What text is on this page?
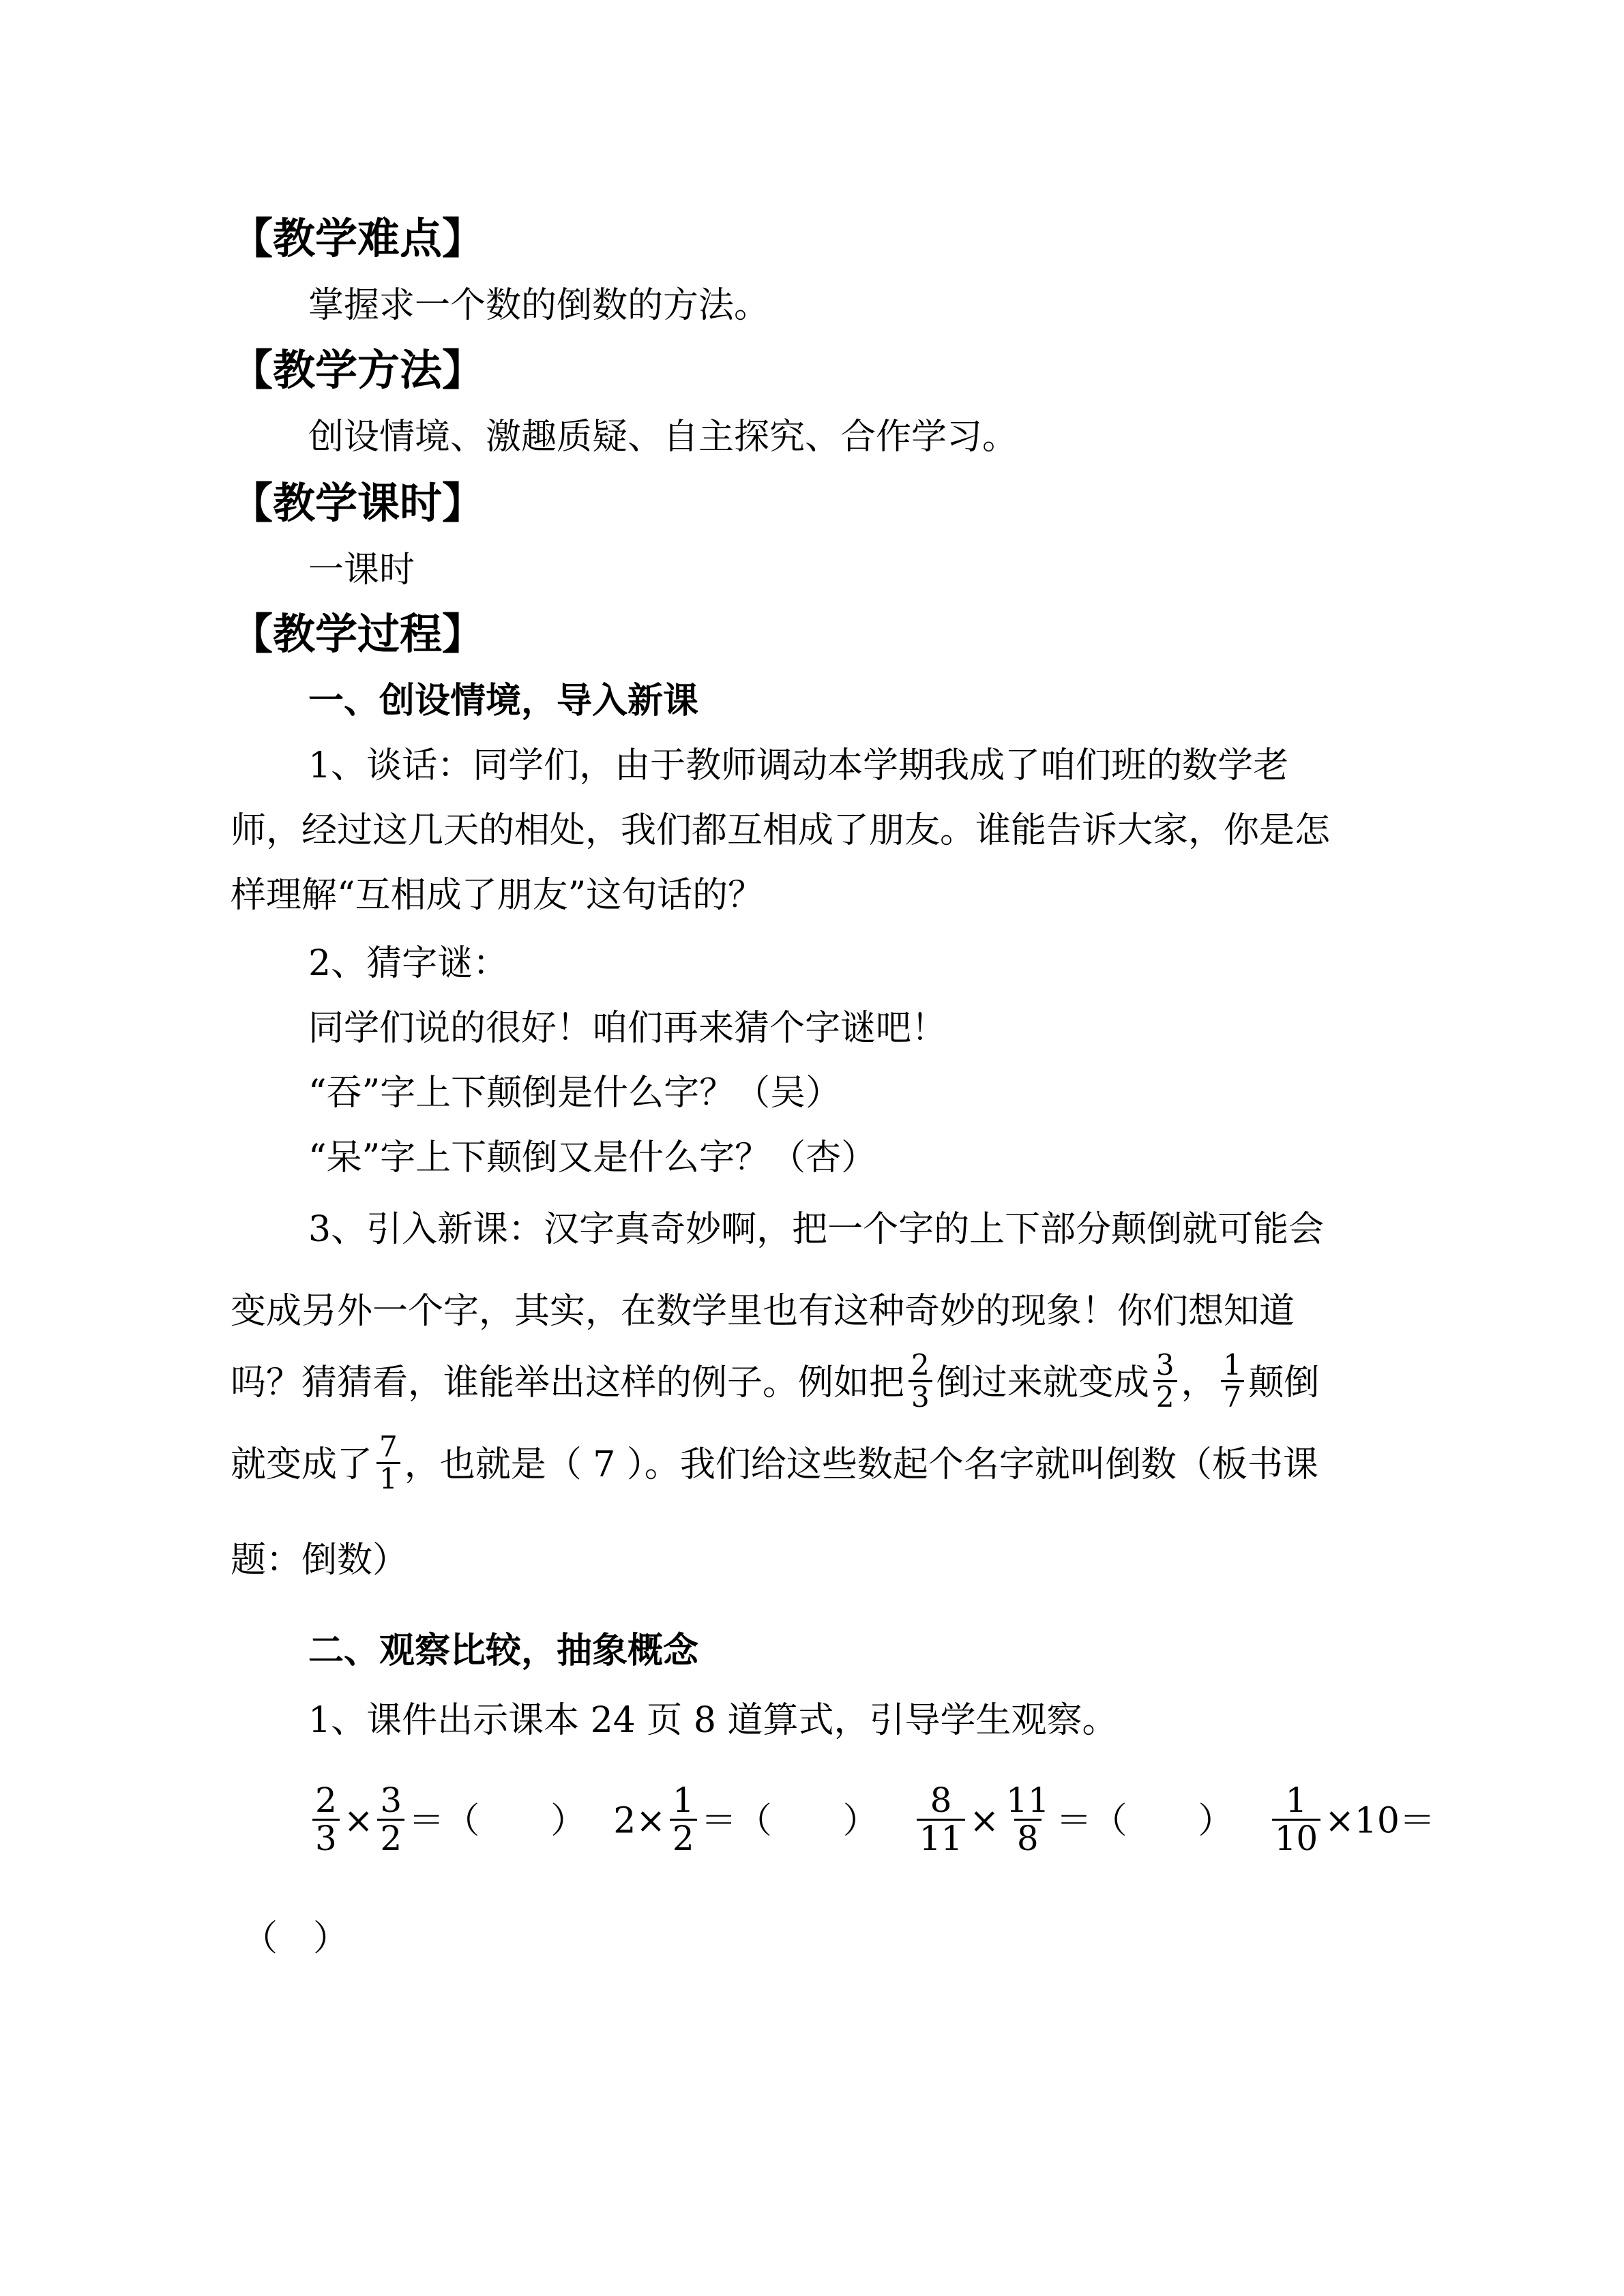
【教学难点】
掌握求一个数的倒数的方法。
【教学方法】
创设情境、激趣质疑、自主探究、合作学习。
【教学课时】
一课时
【教学过程】
一、创设情境，导入新课
1、谈话：同学们，由于教师调动本学期我成了咱们班的数学老
师，经过这几天的相处，我们都互相成了朋友。谁能告诉大家，你是怎
样理解“互相成了朋友”这句话的？
2、猜字谜：
同学们说的很好！咱们再来猜个字谜吧！
“吞”字上下颠倒是什么字？（吴）
“呆”字上下颠倒又是什么字？（杏）
3、引入新课：汉字真奇妙啊，把一个字的上下部分颠倒就可能会
变成另外一个字，其实，在数学里也有这种奇妙的现象！你们想知道
吗？猜猜看，谁能举出这样的例子。例如把 $\frac{2}{3}$ 倒过来就变成 $\frac{3}{2}$ ， $\frac{1}{7}$ 颠倒
就变成了 $\frac{7}{1}$ ，也就是（ 7 ）。我们给这些数起个名字就叫倒数（板书课
题：倒数）
二、观察比较，抽象概念
1、课件出示课本 24 页 8 道算式，引导学生观察。
$\frac{2}{3} \times \frac{3}{2}$ ＝（　　） $2\times \frac{1}{2}$ ＝（　　） $\frac{8}{11} \times \frac{11}{8}$ ＝（　　） $\frac{1}{10} \times 10=$
（　）
